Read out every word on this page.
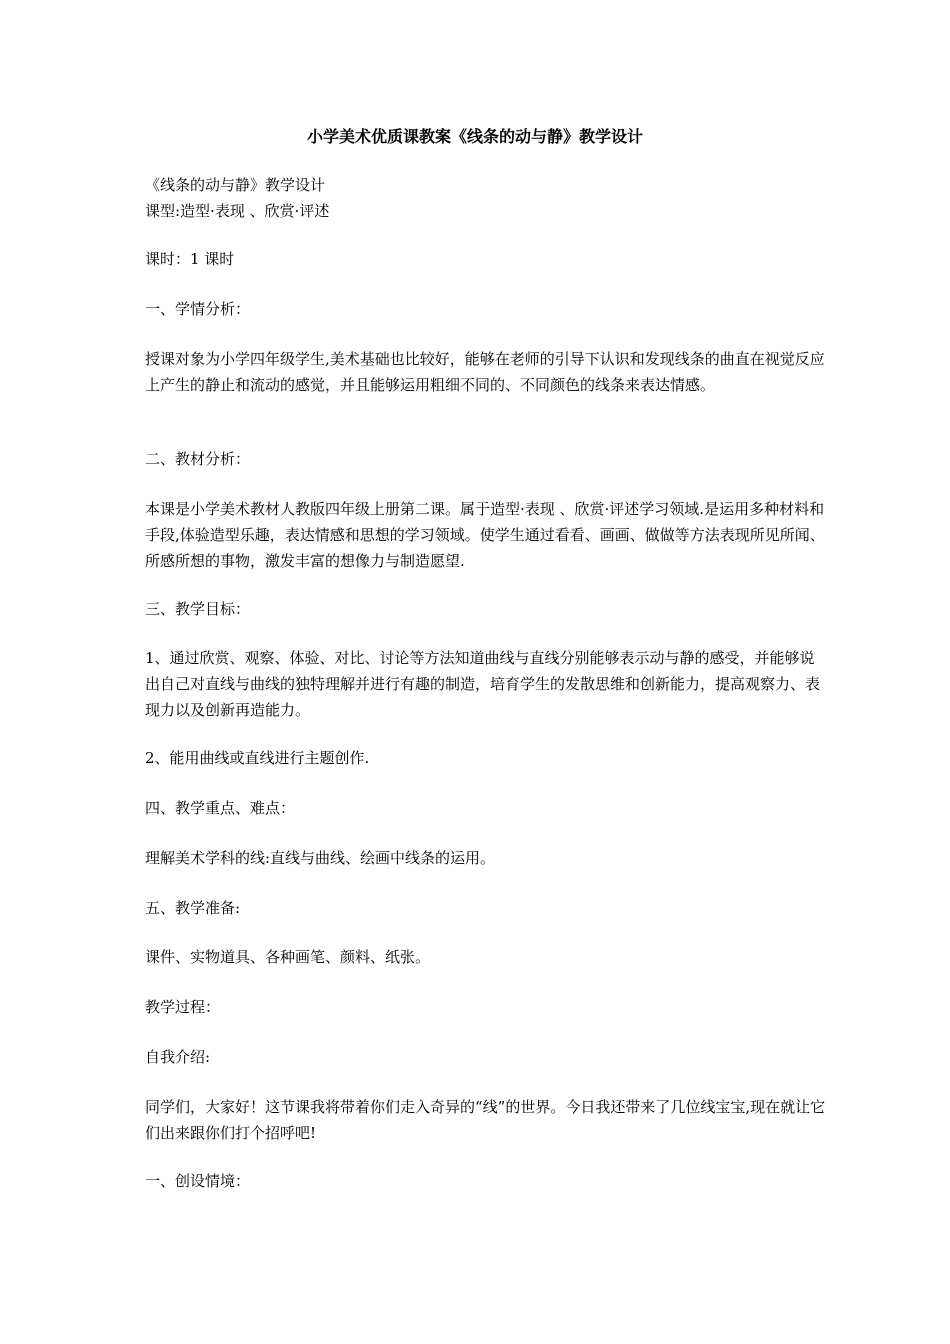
小学美术优质课教案《线条的动与静》教学设计
《线条的动与静》教学设计
课型:造型·表现 、欣赏·评述
课时：1 课时
一、学情分析：
授课对象为小学四年级学生,美术基础也比较好，能够在老师的引导下认识和发现线条的曲直在视觉反应上产生的静止和流动的感觉，并且能够运用粗细不同的、不同颜色的线条来表达情感。
二、教材分析：
本课是小学美术教材人教版四年级上册第二课。属于造型·表现 、欣赏·评述学习领域.是运用多种材料和手段,体验造型乐趣，表达情感和思想的学习领域。使学生通过看看、画画、做做等方法表现所见所闻、所感所想的事物，激发丰富的想像力与制造愿望.
三、教学目标：
1、通过欣赏、观察、体验、对比、讨论等方法知道曲线与直线分别能够表示动与静的感受，并能够说出自己对直线与曲线的独特理解并进行有趣的制造，培育学生的发散思维和创新能力，提高观察力、表现力以及创新再造能力。
2、能用曲线或直线进行主题创作.
四、教学重点、难点：
理解美术学科的线:直线与曲线、绘画中线条的运用。
五、教学准备:
课件、实物道具、各种画笔、颜料、纸张。
教学过程：
自我介绍:
同学们，大家好！这节课我将带着你们走入奇异的“线”的世界。今日我还带来了几位线宝宝,现在就让它们出来跟你们打个招呼吧!
一、创设情境：
